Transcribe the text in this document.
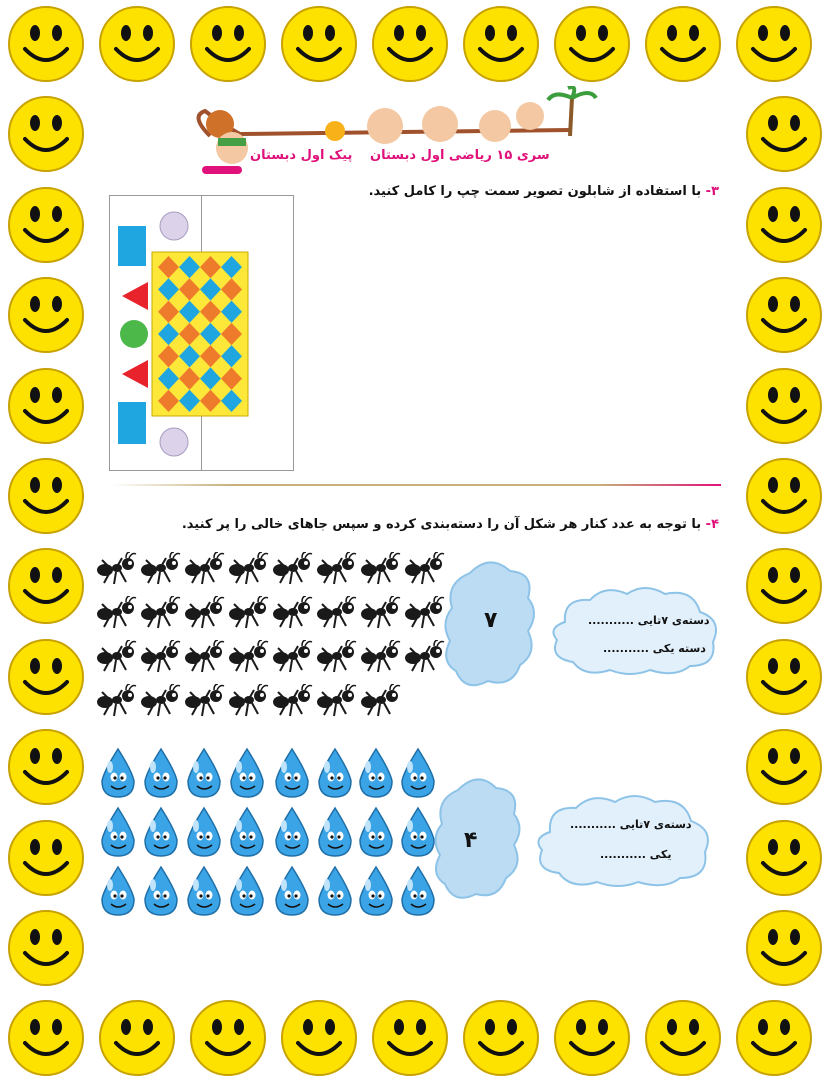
پیک اول دبستان سری ۱۵ ریاضی اول دبستان
۳- با استفاده از شابلون تصویر سمت چپ را کامل کنید.
۴- با توجه به عدد کنار هر شکل آن را دسته‌بندی کرده و سپس جاهای خالی را پر کنید.
۷	دسته‌ی ۷تایی ...........
دسته یکی ...........
۴
دسته‌ی ۷تایی ...........
یکی ...........
